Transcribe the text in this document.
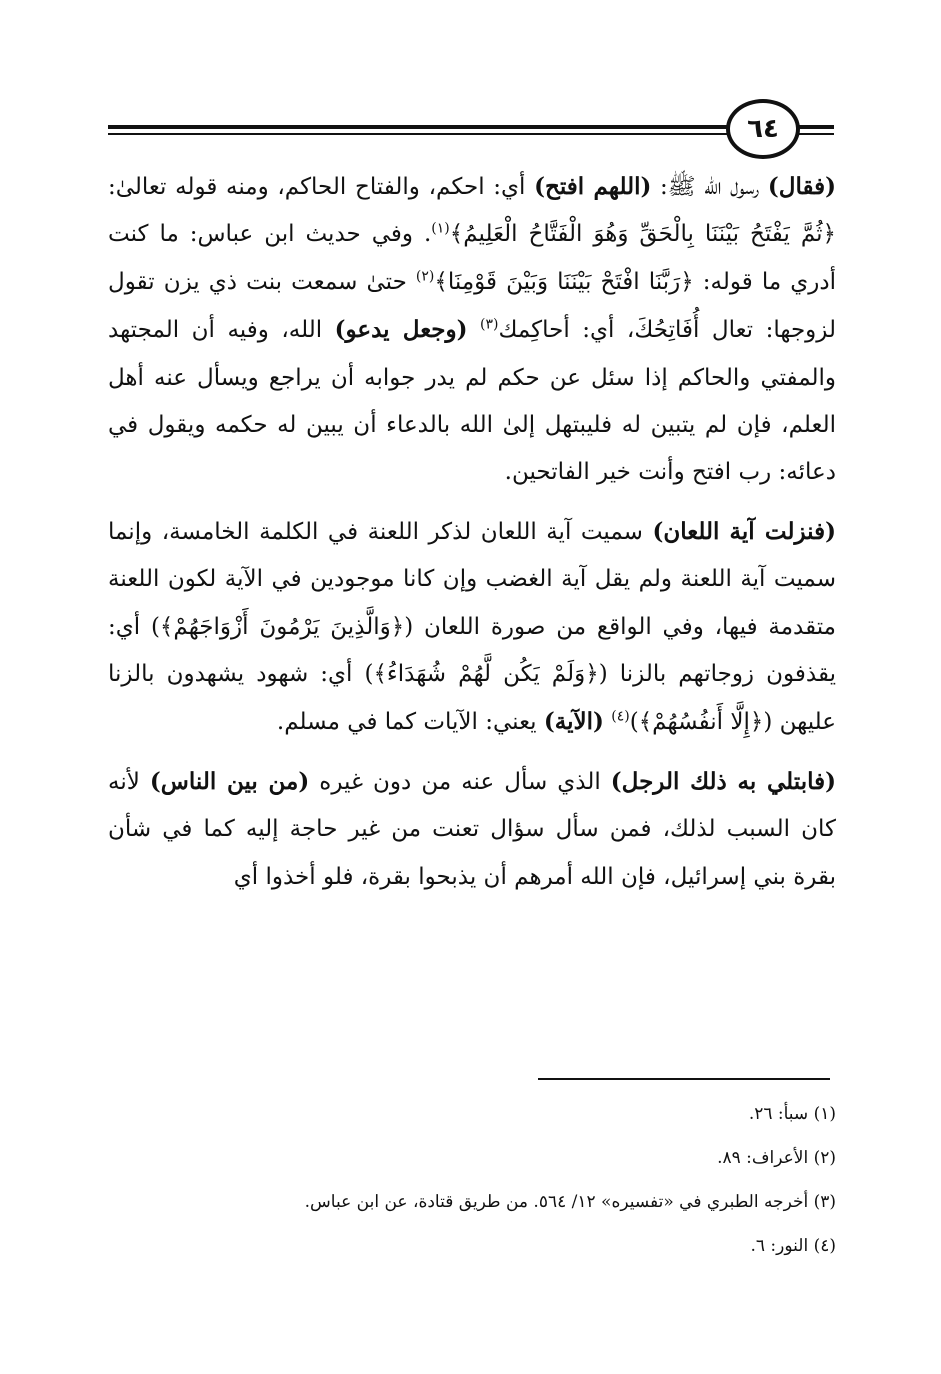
٦٤

(فقال) رسول الله ﷺ: (اللهم افتح) أي: احكم، والفتاح الحاكم، ومنه قوله تعالىٰ: ﴿ثُمَّ يَفْتَحُ بَيْنَنَا بِالْحَقِّ وَهُوَ الْفَتَّاحُ الْعَلِيمُ﴾$^{(١)}$. وفي حديث ابن عباس: ما كنت أدري ما قوله: ﴿رَبَّنَا افْتَحْ بَيْنَنَا وَبَيْنَ قَوْمِنَا﴾$^{(٢)}$ حتىٰ سمعت بنت ذي يزن تقول لزوجها: تعال أُفَاتِحُكَ، أي: أحاكِمك$^{(٣)}$ (وجعل يدعو) الله، وفيه أن المجتهد والمفتي والحاكم إذا سئل عن حكم لم يدر جوابه أن يراجع ويسأل عنه أهل العلم، فإن لم يتبين له فليبتهل إلىٰ الله بالدعاء أن يبين له حكمه ويقول في دعائه: رب افتح وأنت خير الفاتحين.

(فنزلت آية اللعان) سميت آية اللعان لذكر اللعنة في الكلمة الخامسة، وإنما سميت آية اللعنة ولم يقل آية الغضب وإن كانا موجودين في الآية لكون اللعنة متقدمة فيها، وفي الواقع من صورة اللعان (﴿وَالَّذِينَ يَرْمُونَ أَزْوَاجَهُمْ﴾) أي: يقذفون زوجاتهم بالزنا (﴿وَلَمْ يَكُن لَّهُمْ شُهَدَاءُ﴾) أي: شهود يشهدون بالزنا عليهن (﴿إِلَّا أَنفُسُهُمْ﴾)$^{(٤)}$ (الآية) يعني: الآيات كما في مسلم.

(فابتلي به ذلك الرجل) الذي سأل عنه من دون غيره (من بين الناس) لأنه كان السبب لذلك، فمن سأل سؤال تعنت من غير حاجة إليه كما في شأن بقرة بني إسرائيل، فإن الله أمرهم أن يذبحوا بقرة، فلو أخذوا أي

(١) سبأ: ٢٦.

(٢) الأعراف: ٨٩.

(٣) أخرجه الطبري في «تفسيره» ١٢/ ٥٦٤. من طريق قتادة، عن ابن عباس.

(٤) النور: ٦.
